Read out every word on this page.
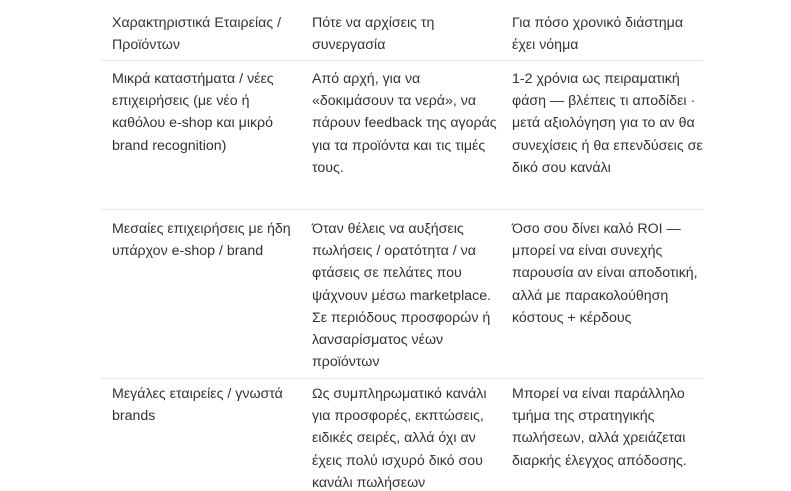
Χαρακτηριστικά Εταιρείας / Προϊόντων
Πότε να αρχίσεις τη συνεργασία
Για πόσο χρονικό διάστημα έχει νόημα
Μικρά καταστήματα / νέες επιχειρήσεις (με νέο ή καθόλου e-shop και μικρό brand recognition)
Από αρχή, για να «δοκιμάσουν τα νερά», να πάρουν feedback της αγοράς για τα προϊόντα και τις τιμές τους.
1-2 χρόνια ως πειραματική φάση — βλέπεις τι αποδίδει · μετά αξιολόγηση για το αν θα συνεχίσεις ή θα επενδύσεις σε δικό σου κανάλι
Μεσαίες επιχειρήσεις με ήδη υπάρχον e-shop / brand
Όταν θέλεις να αυξήσεις πωλήσεις / ορατότητα / να φτάσεις σε πελάτες που ψάχνουν μέσω marketplace. Σε περιόδους προσφορών ή λανσαρίσματος νέων προϊόντων
Όσο σου δίνει καλό ROI — μπορεί να είναι συνεχής παρουσία αν είναι αποδοτική, αλλά με παρακολούθηση κόστους + κέρδους
Μεγάλες εταιρείες / γνωστά brands
Ως συμπληρωματικό κανάλι για προσφορές, εκπτώσεις, ειδικές σειρές, αλλά όχι αν έχεις πολύ ισχυρό δικό σου κανάλι πωλήσεων
Μπορεί να είναι παράλληλο τμήμα της στρατηγικής πωλήσεων, αλλά χρειάζεται διαρκής έλεγχος απόδοσης.
